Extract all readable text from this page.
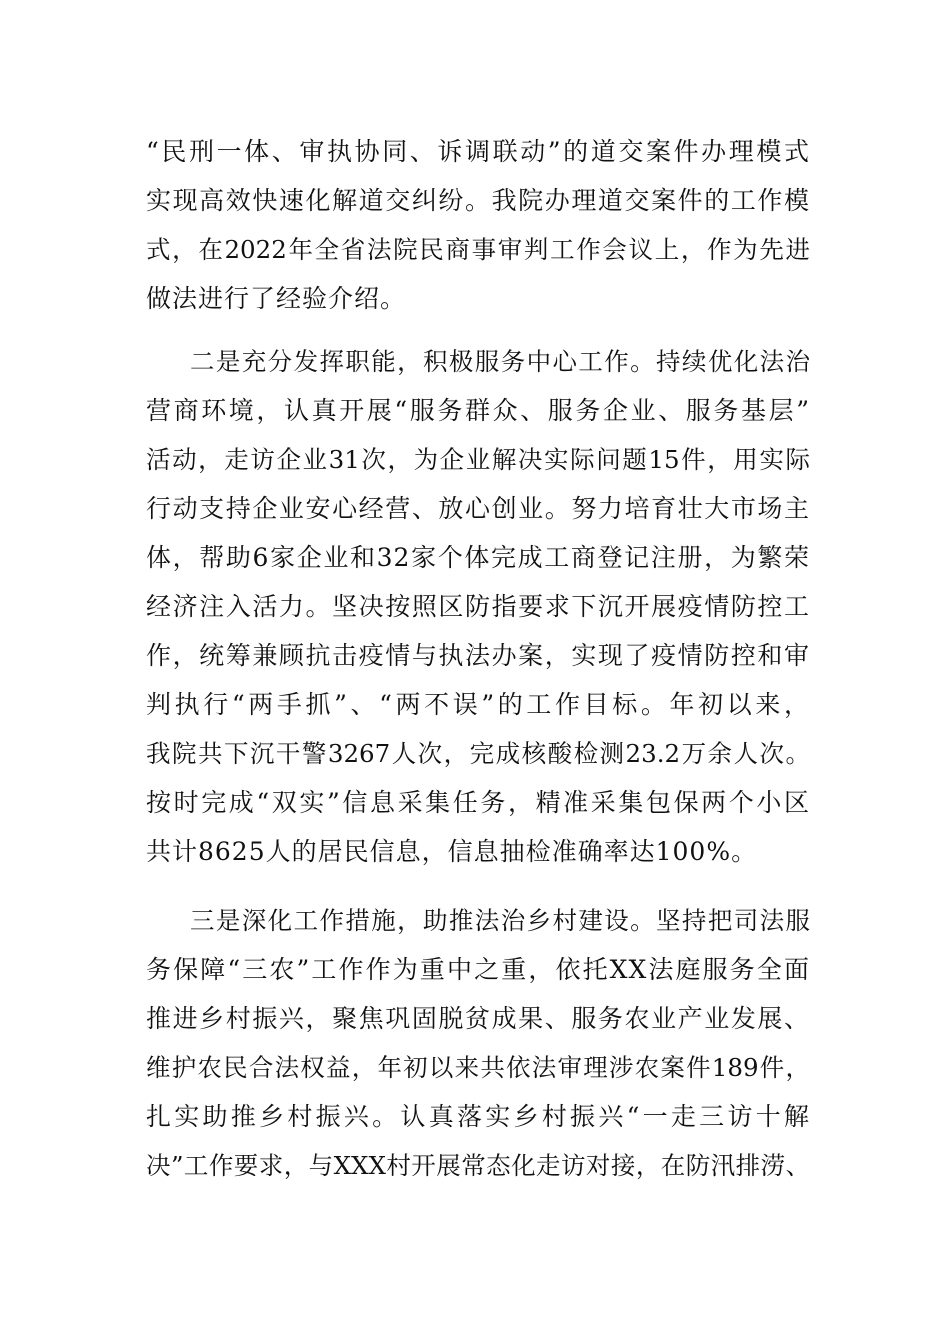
“民刑一体、审执协同、诉调联动”的道交案件办理模式
实现高效快速化解道交纠纷。我院办理道交案件的工作模
式，在2022年全省法院民商事审判工作会议上，作为先进
做法进行了经验介绍。
二是充分发挥职能，积极服务中心工作。持续优化法治
营商环境，认真开展“服务群众、服务企业、服务基层”
活动，走访企业31次，为企业解决实际问题15件，用实际
行动支持企业安心经营、放心创业。努力培育壮大市场主
体，帮助6家企业和32家个体完成工商登记注册，为繁荣
经济注入活力。坚决按照区防指要求下沉开展疫情防控工
作，统筹兼顾抗击疫情与执法办案，实现了疫情防控和审
判执行“两手抓”、“两不误”的工作目标。年初以来，
我院共下沉干警3267人次，完成核酸检测23.2万余人次。
按时完成“双实”信息采集任务，精准采集包保两个小区
共计8625人的居民信息，信息抽检准确率达100%。
三是深化工作措施，助推法治乡村建设。坚持把司法服
务保障“三农”工作作为重中之重，依托XX法庭服务全面
推进乡村振兴，聚焦巩固脱贫成果、服务农业产业发展、
维护农民合法权益，年初以来共依法审理涉农案件189件，
扎实助推乡村振兴。认真落实乡村振兴“一走三访十解
决”工作要求，与XXX村开展常态化走访对接，在防汛排涝、
